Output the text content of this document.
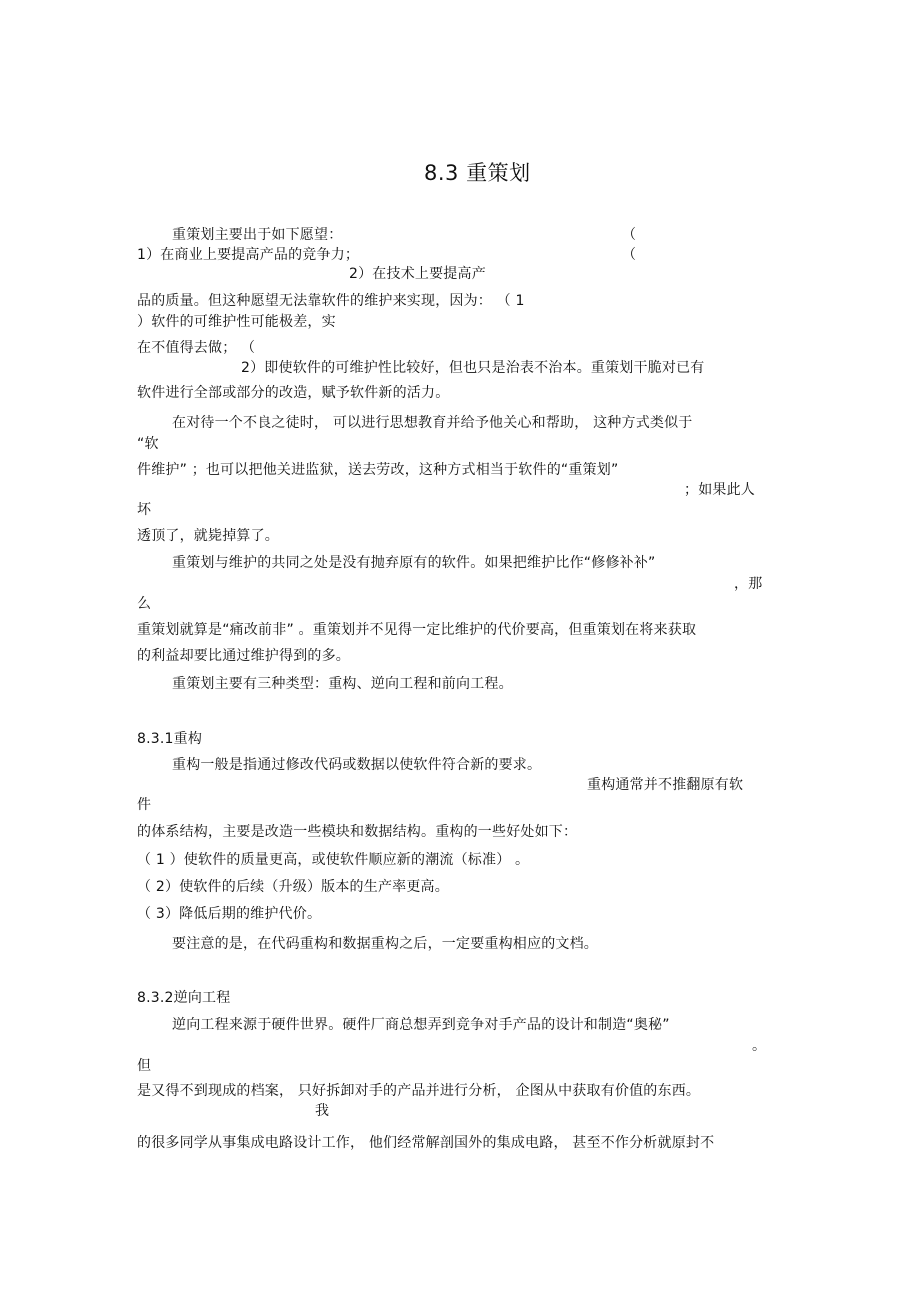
8.3 重策划
重策划主要出于如下愿望：	（
1）在商业上要提高产品的竞争力；	（
2）在技术上要提高产
品的质量。但这种愿望无法靠软件的维护来实现，因为： （ 1
）软件的可维护性可能极差，实
在不值得去做； （
2）即使软件的可维护性比较好，但也只是治表不治本。重策划干脆对已有
软件进行全部或部分的改造，赋予软件新的活力。
在对待一个不良之徒时， 可以进行思想教育并给予他关心和帮助， 这种方式类似于
“软
件维护” ；也可以把他关进监狱，送去劳改，这种方式相当于软件的“重策划”
；如果此人
坏
透顶了，就毙掉算了。
重策划与维护的共同之处是没有抛弃原有的软件。如果把维护比作“修修补补”
，那
么
重策划就算是“痛改前非” 。重策划并不见得一定比维护的代价要高，但重策划在将来获取
的利益却要比通过维护得到的多。
重策划主要有三种类型：重构、逆向工程和前向工程。
8.3.1重构
重构一般是指通过修改代码或数据以使软件符合新的要求。
重构通常并不推翻原有软
件
的体系结构，主要是改造一些模块和数据结构。重构的一些好处如下：
（ 1 ）使软件的质量更高，或使软件顺应新的潮流（标准） 。
（ 2）使软件的后续（升级）版本的生产率更高。
（ 3）降低后期的维护代价。
要注意的是，在代码重构和数据重构之后，一定要重构相应的文档。
8.3.2逆向工程
逆向工程来源于硬件世界。硬件厂商总想弄到竞争对手产品的设计和制造“奥秘”
。
但
是又得不到现成的档案， 只好拆卸对手的产品并进行分析， 企图从中获取有价值的东西。
我
的很多同学从事集成电路设计工作， 他们经常解剖国外的集成电路， 甚至不作分析就原封不
